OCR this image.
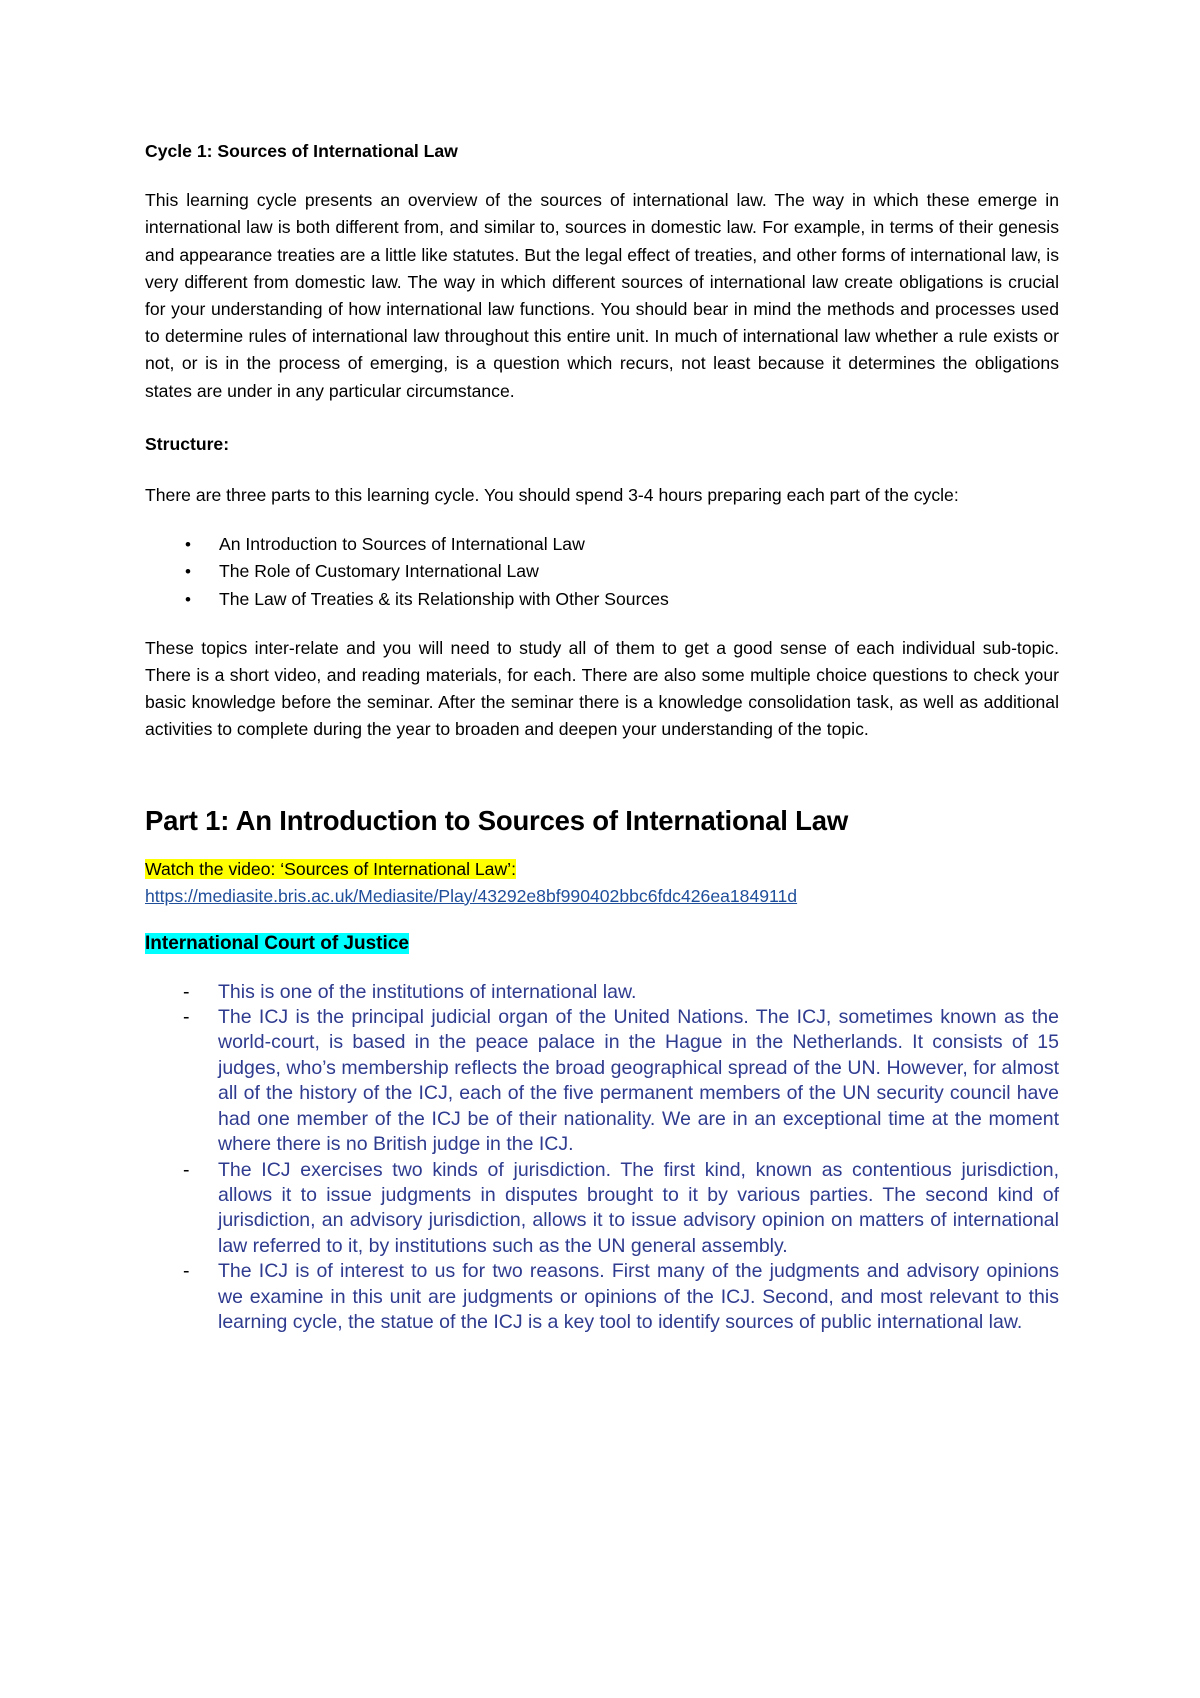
Cycle 1: Sources of International Law

This learning cycle presents an overview of the sources of international law. The way in which these emerge in international law is both different from, and similar to, sources in domestic law. For example, in terms of their genesis and appearance treaties are a little like statutes. But the legal effect of treaties, and other forms of international law, is very different from domestic law. The way in which different sources of international law create obligations is crucial for your understanding of how international law functions. You should bear in mind the methods and processes used to determine rules of international law throughout this entire unit. In much of international law whether a rule exists or not, or is in the process of emerging, is a question which recurs, not least because it determines the obligations states are under in any particular circumstance.

Structure:

There are three parts to this learning cycle. You should spend 3-4 hours preparing each part of the cycle:

• An Introduction to Sources of International Law
• The Role of Customary International Law
• The Law of Treaties & its Relationship with Other Sources

These topics inter-relate and you will need to study all of them to get a good sense of each individual sub-topic. There is a short video, and reading materials, for each. There are also some multiple choice questions to check your basic knowledge before the seminar. After the seminar there is a knowledge consolidation task, as well as additional activities to complete during the year to broaden and deepen your understanding of the topic.

Part 1: An Introduction to Sources of International Law

Watch the video: ‘Sources of International Law’:

https://mediasite.bris.ac.uk/Mediasite/Play/43292e8bf990402bbc6fdc426ea184911d

International Court of Justice

- This is one of the institutions of international law.
- The ICJ is the principal judicial organ of the United Nations. The ICJ, sometimes known as the world-court, is based in the peace palace in the Hague in the Netherlands. It consists of 15 judges, who’s membership reflects the broad geographical spread of the UN. However, for almost all of the history of the ICJ, each of the five permanent members of the UN security council have had one member of the ICJ be of their nationality. We are in an exceptional time at the moment where there is no British judge in the ICJ.
- The ICJ exercises two kinds of jurisdiction. The first kind, known as contentious jurisdiction, allows it to issue judgments in disputes brought to it by various parties. The second kind of jurisdiction, an advisory jurisdiction, allows it to issue advisory opinion on matters of international law referred to it, by institutions such as the UN general assembly.
- The ICJ is of interest to us for two reasons. First many of the judgments and advisory opinions we examine in this unit are judgments or opinions of the ICJ. Second, and most relevant to this learning cycle, the statue of the ICJ is a key tool to identify sources of public international law.
